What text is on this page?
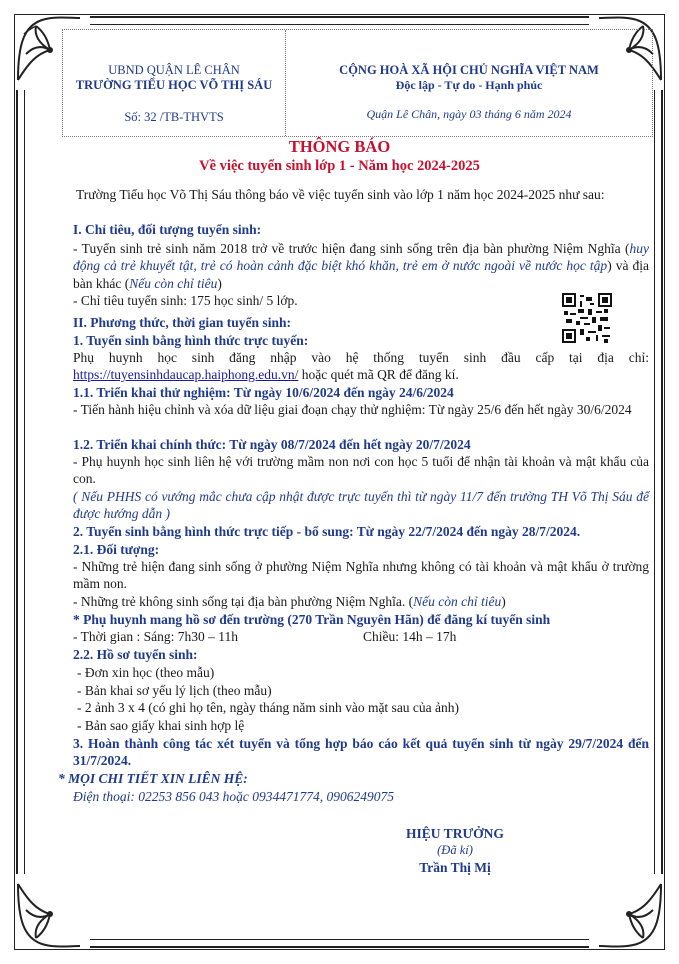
UBND QUẬN LÊ CHÂN
TRƯỜNG TIỂU HỌC VÕ THỊ SÁU
Số: 32 /TB-THVTS
CỘNG HOÀ XÃ HỘI CHỦ NGHĨA VIỆT NAM
Độc lập - Tự do - Hạnh phúc
Quận Lê Chân, ngày 03 tháng 6 năm 2024
THÔNG BÁO
Về việc tuyển sinh lớp 1 - Năm học 2024-2025
Trường Tiểu học Võ Thị Sáu thông báo về việc tuyển sinh vào lớp 1 năm học 2024-2025 như sau:
I. Chỉ tiêu, đối tượng tuyển sinh:
- Tuyển sinh trẻ sinh năm 2018 trở về trước hiện đang sinh sống trên địa bàn phường Niệm Nghĩa (huy động cả trẻ khuyết tật, trẻ có hoàn cảnh đặc biệt khó khăn, trẻ em ở nước ngoài về nước học tập) và địa bàn khác (Nếu còn chỉ tiêu)
- Chỉ tiêu tuyển sinh: 175 học sinh/ 5 lớp.
II. Phương thức, thời gian tuyển sinh:
1. Tuyển sinh bằng hình thức trực tuyến:
Phụ huynh học sinh đăng nhập vào hệ thống tuyển sinh đầu cấp tại địa chỉ: https://tuyensinhdaucap.haiphong.edu.vn/ hoặc quét mã QR để đăng kí.
1.1. Triển khai thử nghiệm: Từ ngày 10/6/2024 đến ngày 24/6/2024
- Tiến hành hiệu chỉnh và xóa dữ liệu giai đoạn chạy thử nghiệm: Từ ngày 25/6 đến hết ngày 30/6/2024
1.2. Triển khai chính thức: Từ ngày 08/7/2024 đến hết ngày 20/7/2024
- Phụ huynh học sinh liên hệ với trường mầm non nơi con học 5 tuổi để nhận tài khoản và mật khẩu của con.
( Nếu PHHS có vướng mắc chưa cập nhật được trực tuyến thì từ ngày 11/7 đến trường TH Võ Thị Sáu để được hướng dẫn )
2. Tuyển sinh bằng hình thức trực tiếp - bổ sung: Từ ngày 22/7/2024 đến ngày 28/7/2024.
2.1. Đối tượng:
- Những trẻ hiện đang sinh sống ở phường Niệm Nghĩa nhưng không có tài khoản và mật khẩu ở trường mầm non.
- Những trẻ không sinh sống tại địa bàn phường Niệm Nghĩa. (Nếu còn chỉ tiêu)
* Phụ huynh mang hồ sơ đến trường (270 Trần Nguyên Hãn) để đăng kí tuyển sinh
- Thời gian : Sáng: 7h30 – 11h	Chiều: 14h – 17h
2.2. Hồ sơ tuyển sinh:
- Đơn xin học (theo mẫu)
- Bản khai sơ yếu lý lịch (theo mẫu)
- 2 ảnh 3 x 4 (có ghi họ tên, ngày tháng năm sinh vào mặt sau của ảnh)
- Bản sao giấy khai sinh hợp lệ
3. Hoàn thành công tác xét tuyển và tổng hợp báo cáo kết quả tuyển sinh từ ngày 29/7/2024 đến 31/7/2024.
* MỌI CHI TIẾT XIN LIÊN HỆ:
Điện thoại: 02253 856 043 hoặc 0934471774, 0906249075
HIỆU TRƯỞNG
(Đã kí)
Trần Thị Mị
